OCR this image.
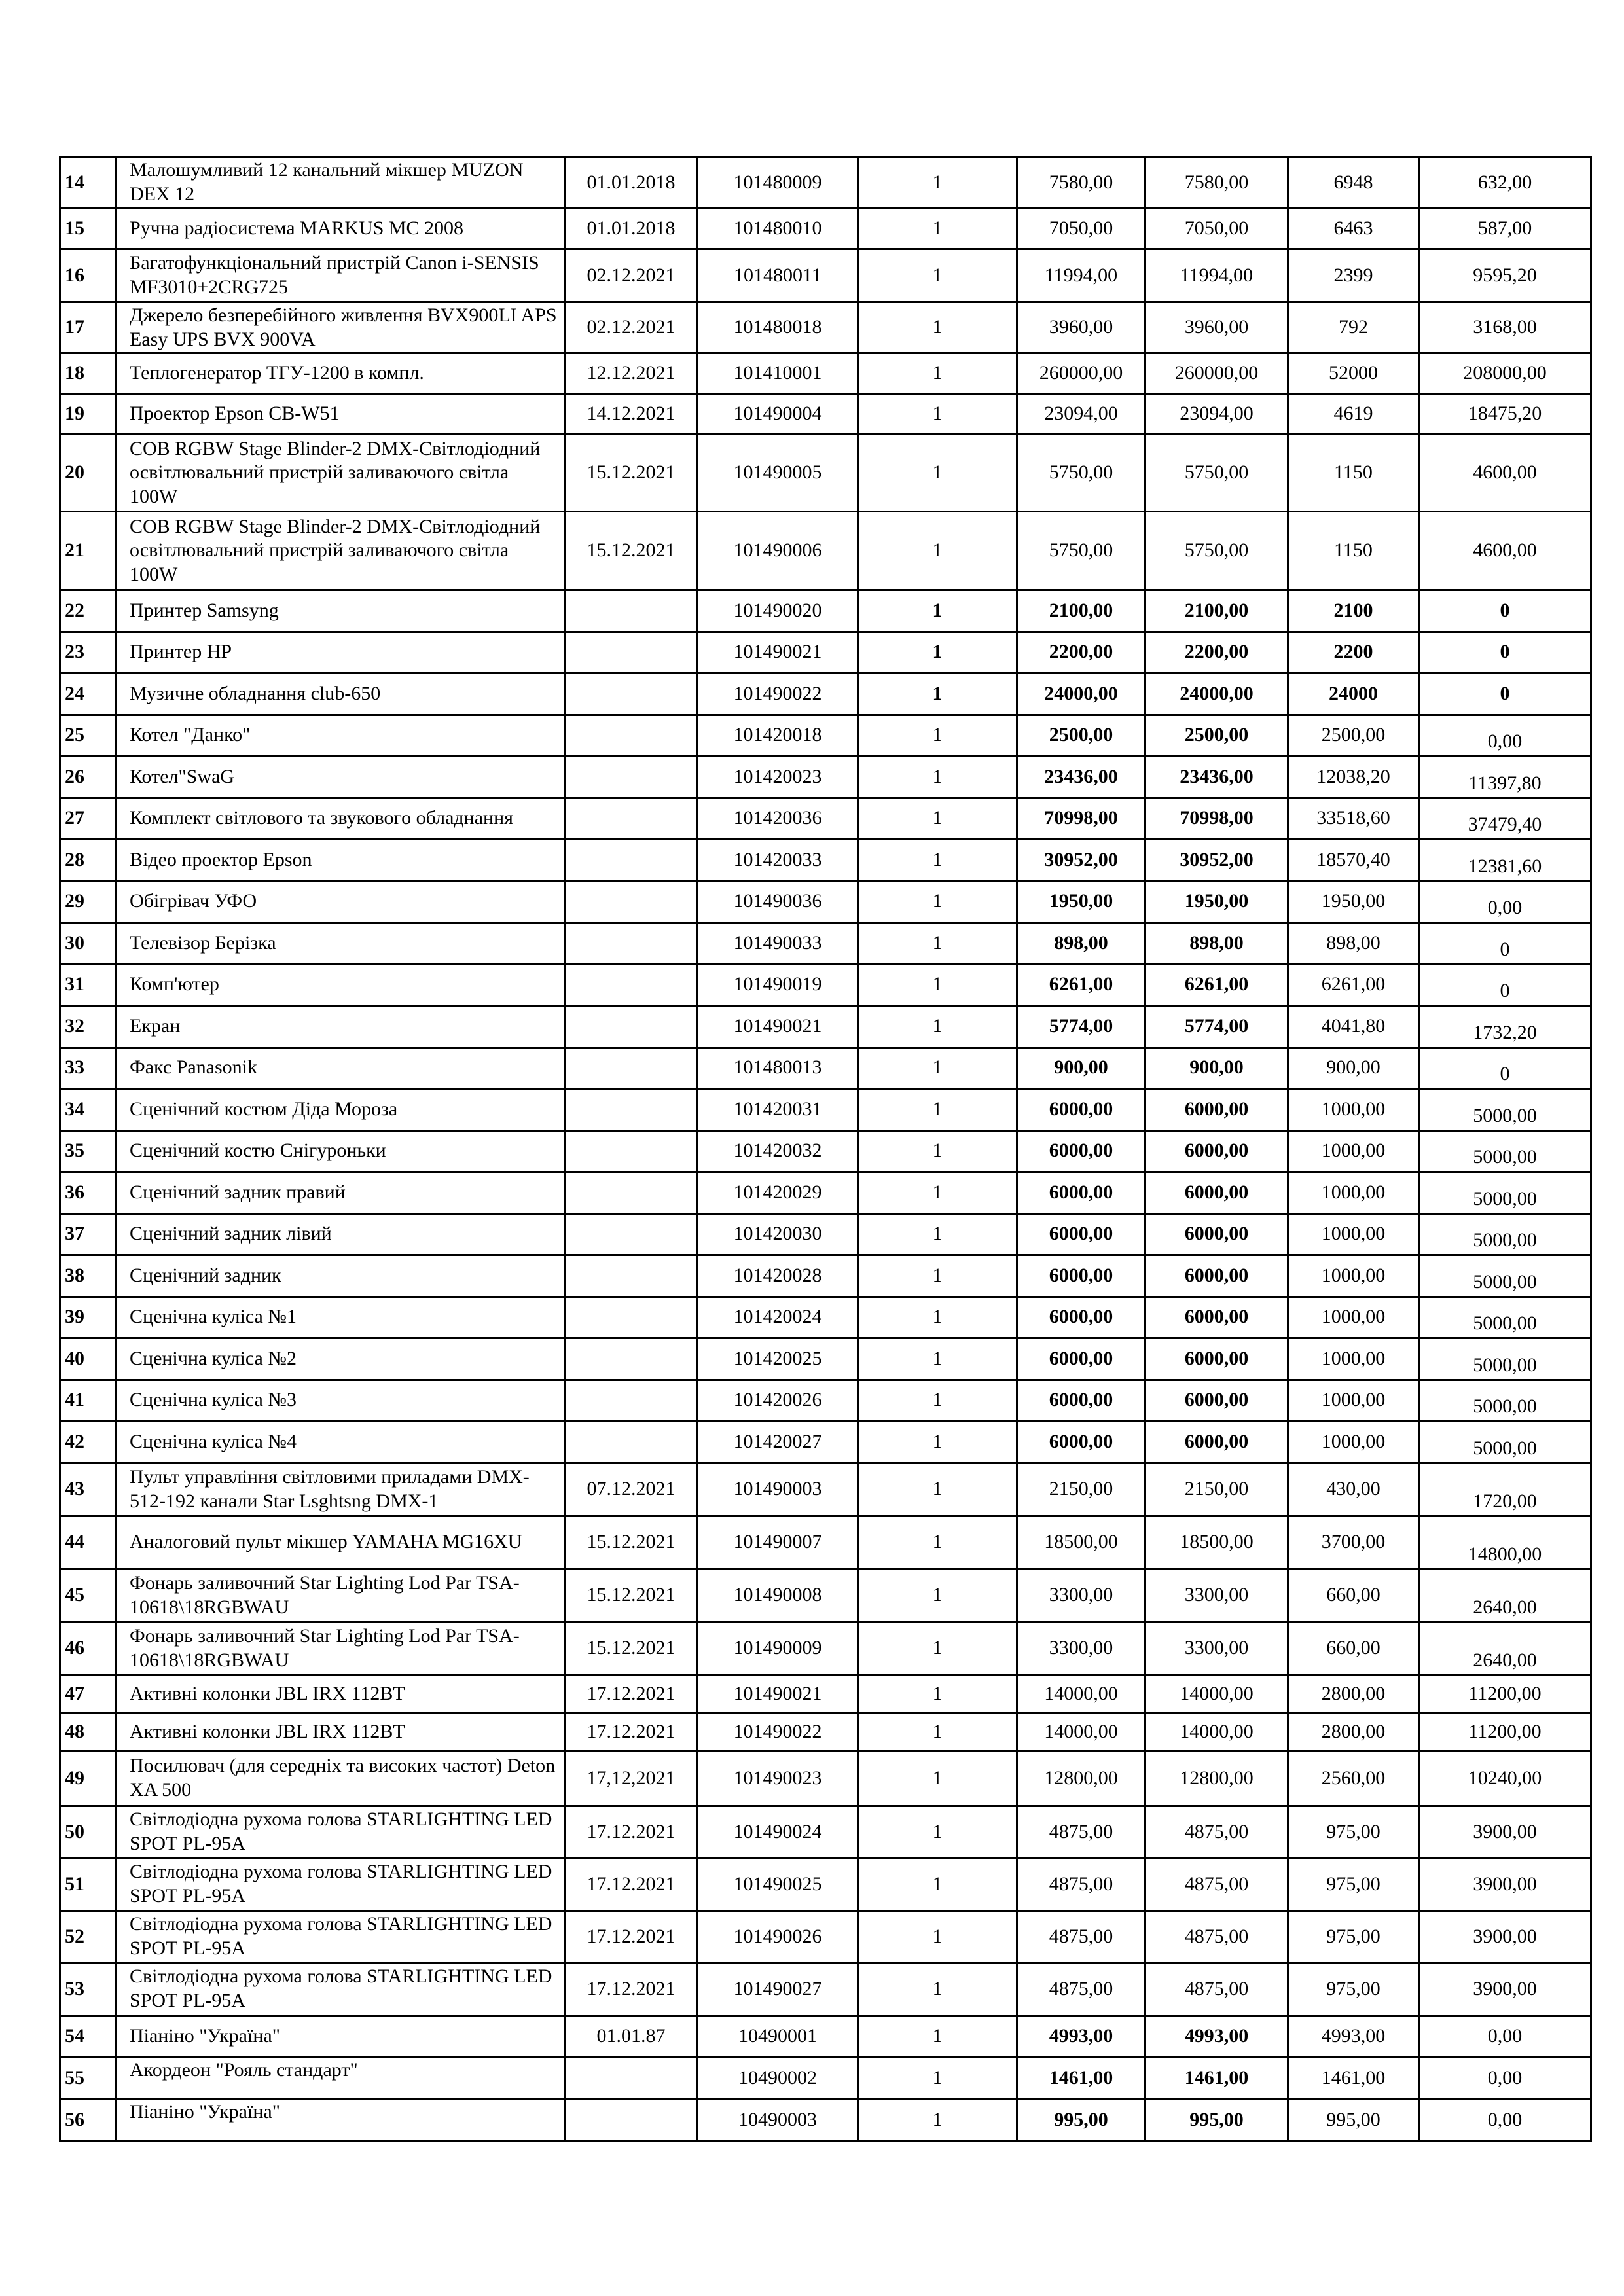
14	Малошумливий 12 канальний мікшер MUZON DEX 12	01.01.2018	101480009	1	7580,00	7580,00	6948	632,00
15	Ручна радіосистема MARKUS MC 2008	01.01.2018	101480010	1	7050,00	7050,00	6463	587,00
16	Багатофункціональний пристрій Canon i-SENSIS MF3010+2CRG725	02.12.2021	101480011	1	11994,00	11994,00	2399	9595,20
17	Джерело безперебійного живлення BVX900LI APS Easy UPS BVX 900VA	02.12.2021	101480018	1	3960,00	3960,00	792	3168,00
18	Теплогенератор ТГУ-1200 в компл.	12.12.2021	101410001	1	260000,00	260000,00	52000	208000,00
19	Проектор Epson CB-W51	14.12.2021	101490004	1	23094,00	23094,00	4619	18475,20
20	COB RGBW Stage Blinder-2 DMX-Світлодіодний освітлювальний пристрій заливаючого світла 100W	15.12.2021	101490005	1	5750,00	5750,00	1150	4600,00
21	COB RGBW Stage Blinder-2 DMX-Світлодіодний освітлювальний пристрій заливаючого світла 100W	15.12.2021	101490006	1	5750,00	5750,00	1150	4600,00
22	Принтер Samsyng		101490020	1	2100,00	2100,00	2100	0
23	Принтер HP		101490021	1	2200,00	2200,00	2200	0
24	Музичне обладнання club-650		101490022	1	24000,00	24000,00	24000	0
25	Котел "Данко"		101420018	1	2500,00	2500,00	2500,00	0,00
26	Котел"SwaG		101420023	1	23436,00	23436,00	12038,20	11397,80
27	Комплект світлового та звукового обладнання		101420036	1	70998,00	70998,00	33518,60	37479,40
28	Відео проектор Epson		101420033	1	30952,00	30952,00	18570,40	12381,60
29	Обігрівач УФО		101490036	1	1950,00	1950,00	1950,00	0,00
30	Телевізор Берізка		101490033	1	898,00	898,00	898,00	0
31	Комп'ютер		101490019	1	6261,00	6261,00	6261,00	0
32	Екран		101490021	1	5774,00	5774,00	4041,80	1732,20
33	Факс Panasonik		101480013	1	900,00	900,00	900,00	0
34	Сценічний костюм Діда Мороза		101420031	1	6000,00	6000,00	1000,00	5000,00
35	Сценічний костю Снігуроньки		101420032	1	6000,00	6000,00	1000,00	5000,00
36	Сценічний задник правий		101420029	1	6000,00	6000,00	1000,00	5000,00
37	Сценічний задник лівий		101420030	1	6000,00	6000,00	1000,00	5000,00
38	Сценічний задник		101420028	1	6000,00	6000,00	1000,00	5000,00
39	Сценічна куліса №1		101420024	1	6000,00	6000,00	1000,00	5000,00
40	Сценічна куліса №2		101420025	1	6000,00	6000,00	1000,00	5000,00
41	Сценічна куліса №3		101420026	1	6000,00	6000,00	1000,00	5000,00
42	Сценічна куліса №4		101420027	1	6000,00	6000,00	1000,00	5000,00
43	Пульт управління світловими приладами DMX-512-192 канали Star Lsghtsng DMX-1	07.12.2021	101490003	1	2150,00	2150,00	430,00	1720,00
44	Аналоговий пульт мікшер YAMAHA MG16XU	15.12.2021	101490007	1	18500,00	18500,00	3700,00	14800,00
45	Фонарь заливочний Star Lighting Lod Par TSA-10618\18RGBWAU	15.12.2021	101490008	1	3300,00	3300,00	660,00	2640,00
46	Фонарь заливочний Star Lighting Lod Par TSA-10618\18RGBWAU	15.12.2021	101490009	1	3300,00	3300,00	660,00	2640,00
47	Активні колонки JBL IRX 112BT	17.12.2021	101490021	1	14000,00	14000,00	2800,00	11200,00
48	Активні колонки JBL IRX 112BT	17.12.2021	101490022	1	14000,00	14000,00	2800,00	11200,00
49	Посилювач (для середніх та високих частот) Deton XA 500	17,12,2021	101490023	1	12800,00	12800,00	2560,00	10240,00
50	Світлодіодна рухома голова STARLIGHTING LED SPOT PL-95A	17.12.2021	101490024	1	4875,00	4875,00	975,00	3900,00
51	Світлодіодна рухома голова STARLIGHTING LED SPOT PL-95A	17.12.2021	101490025	1	4875,00	4875,00	975,00	3900,00
52	Світлодіодна рухома голова STARLIGHTING LED SPOT PL-95A	17.12.2021	101490026	1	4875,00	4875,00	975,00	3900,00
53	Світлодіодна рухома голова STARLIGHTING LED SPOT PL-95A	17.12.2021	101490027	1	4875,00	4875,00	975,00	3900,00
54	Піаніно "Україна"	01.01.87	10490001	1	4993,00	4993,00	4993,00	0,00
55	Акордеон "Рояль стандарт"		10490002	1	1461,00	1461,00	1461,00	0,00
56	Піаніно "Україна"		10490003	1	995,00	995,00	995,00	0,00
